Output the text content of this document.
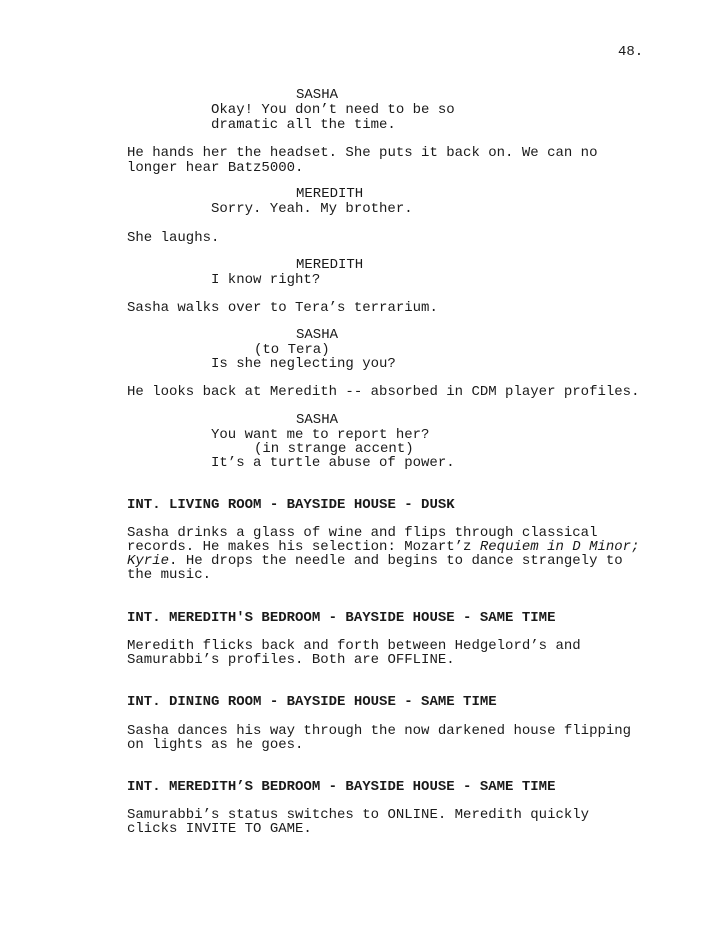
48.
SASHA
Okay! You don’t need to be so
dramatic all the time.
He hands her the headset. She puts it back on. We can no
longer hear Batz5000.
MEREDITH
Sorry. Yeah. My brother.
She laughs.
MEREDITH
I know right?
Sasha walks over to Tera’s terrarium.
SASHA
(to Tera)
Is she neglecting you?
He looks back at Meredith -- absorbed in CDM player profiles.
SASHA
You want me to report her?
(in strange accent)
It’s a turtle abuse of power.
INT. LIVING ROOM - BAYSIDE HOUSE - DUSK
Sasha drinks a glass of wine and flips through classical
records. He makes his selection: Mozart’z Requiem in D Minor;
Kyrie. He drops the needle and begins to dance strangely to
the music.
INT. MEREDITH'S BEDROOM - BAYSIDE HOUSE - SAME TIME
Meredith flicks back and forth between Hedgelord’s and
Samurabbi’s profiles. Both are OFFLINE.
INT. DINING ROOM - BAYSIDE HOUSE - SAME TIME
Sasha dances his way through the now darkened house flipping
on lights as he goes.
INT. MEREDITH’S BEDROOM - BAYSIDE HOUSE - SAME TIME
Samurabbi’s status switches to ONLINE. Meredith quickly
clicks INVITE TO GAME.
